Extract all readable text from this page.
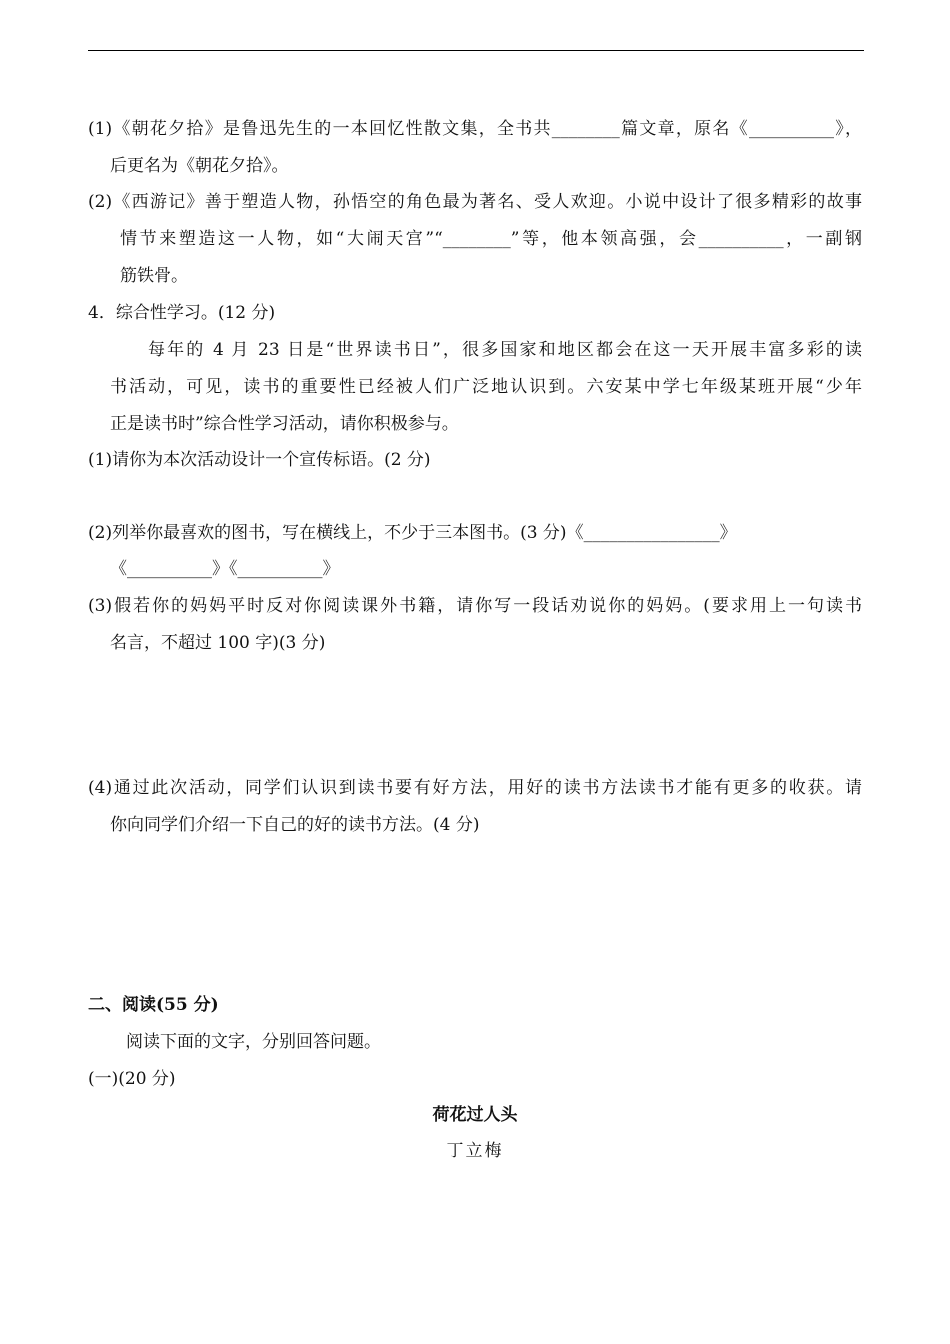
(1)《朝花夕拾》是鲁迅先生的一本回忆性散文集，全书共________篇文章，原名《__________》，
后更名为《朝花夕拾》。
(2)《西游记》善于塑造人物，孙悟空的角色最为著名、受人欢迎。小说中设计了很多精彩的故事
情节来塑造这一人物，如“大闹天宫”“________”等，他本领高强，会__________，一副钢
筋铁骨。
4．综合性学习。(12 分)
每年的 4 月 23 日是“世界读书日”，很多国家和地区都会在这一天开展丰富多彩的读
书活动，可见，读书的重要性已经被人们广泛地认识到。六安某中学七年级某班开展“少年
正是读书时”综合性学习活动，请你积极参与。
(1)请你为本次活动设计一个宣传标语。(2 分)
(2)列举你最喜欢的图书，写在横线上，不少于三本图书。(3 分)《________________》
《__________》《__________》
(3)假若你的妈妈平时反对你阅读课外书籍，请你写一段话劝说你的妈妈。(要求用上一句读书
名言，不超过 100 字)(3 分)
(4)通过此次活动，同学们认识到读书要有好方法，用好的读书方法读书才能有更多的收获。请
你向同学们介绍一下自己的好的读书方法。(4 分)
二、阅读(55 分)
阅读下面的文字，分别回答问题。
(一)(20 分)
荷花过人头
丁立梅
